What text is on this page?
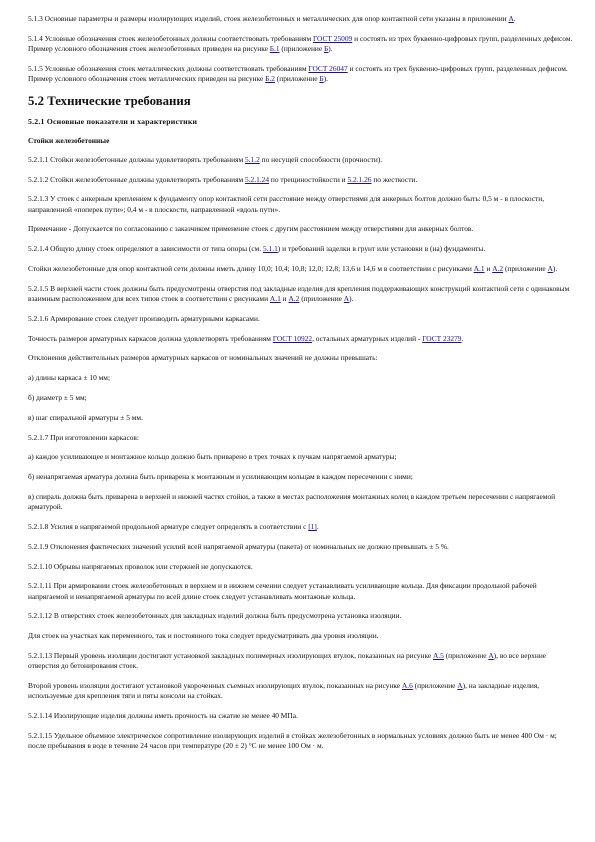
5.1.3 Основные параметры и размеры изолирующих изделий, стоек железобетонных и металлических для опор контактной сети указаны в приложении А.

5.1.4 Условные обозначения стоек железобетонных должны соответствовать требованиям ГОСТ 25009 и состоять из трех буквенно-цифровых групп, разделенных дефисом. Пример условного обозначения стоек железобетонных приведен на рисунке Б.1 (приложение Б).

5.1.5 Условные обозначения стоек металлических должны соответствовать требованиям ГОСТ 26047 и состоять из трех буквенно-цифровых групп, разделенных дефисом. Пример условного обозначения стоек металлических приведен на рисунке Б.2 (приложение Б).

5.2 Технические требования
5.2.1 Основные показатели и характеристики
Стойки железобетонные

5.2.1.1 Стойки железобетонные должны удовлетворять требованиям 5.1.2 по несущей способности (прочности).

5.2.1.2 Стойки железобетонные должны удовлетворять требованиям 5.2.1.24 по трещиностойкости и 5.2.1.26 по жесткости.

5.2.1.3 У стоек с анкерным креплением к фундаменту опор контактной сети расстояние между отверстиями для анкерных болтов должно быть: 0,5 м - в плоскости, направленной «поперек пути»; 0,4 м - в плоскости, направленной «вдоль пути».

Примечание - Допускается по согласованию с заказчиком применение стоек с другим расстоянием между отверстиями для анкерных болтов.

5.2.1.4 Общую длину стоек определяют в зависимости от типа опоры (см. 5.1.1) и требований заделки в грунт или установки в (на) фундаменты.

Стойки железобетонные для опор контактной сети должны иметь длину 10,0; 10,4; 10,8; 12,0; 12,8; 13,6 и 14,6 м в соответствии с рисунками А.1 и А.2 (приложение А).

5.2.1.5 В верхней части стоек должны быть предусмотрены отверстия под закладные изделия для крепления поддерживающих конструкций контактной сети с одинаковым взаимным расположением для всех типов стоек в соответствии с рисунками А.1 и А.2 (приложение А).

5.2.1.6 Армирование стоек следует производить арматурными каркасами.

Точность размеров арматурных каркасов должна удовлетворять требованиям ГОСТ 10922, остальных арматурных изделий - ГОСТ 23279.

Отклонения действительных размеров арматурных каркасов от номинальных значений не должны превышать:

а) длины каркаса ± 10 мм;

б) диаметр ± 5 мм;

в) шаг спиральной арматуры ± 5 мм.

5.2.1.7 При изготовлении каркасов:

а) каждое усиливающее и монтажное кольцо должно быть приварено в трех точках к пучкам напрягаемой арматуры;

б) ненапрягаемая арматура должна быть приварена к монтажным и усиливающим кольцам в каждом пересечении с ними;

в) спираль должна быть приварена в верхней и нижней частях стойки, а также в местах расположения монтажных колец в каждом третьем пересечении с напрягаемой арматурой.

5.2.1.8 Усилия в напрягаемой продольной арматуре следует определять в соответствии с [1].

5.2.1.9 Отклонения фактических значений усилий всей напрягаемой арматуры (пакета) от номинальных не должно превышать ± 5 %.

5.2.1.10 Обрывы напрягаемых проволок или стержней не допускаются.

5.2.1.11 При армировании стоек железобетонных в верхнем и в нижнем сечении следует устанавливать усиливающие кольца. Для фиксации продольной рабочей напрягаемой и ненапрягаемой арматуры по всей длине стоек следует устанавливать монтажные кольца.

5.2.1.12 В отверстиях стоек железобетонных для закладных изделий должна быть предусмотрена установка изоляции.

Для стоек на участках как переменного, так и постоянного тока следует предусматривать два уровня изоляции.

5.2.1.13 Первый уровень изоляции достигают установкой закладных полимерных изолирующих втулок, показанных на рисунке А.5 (приложение А), во все верхние отверстия до бетонирования стоек.

Второй уровень изоляции достигают установкой укороченных съемных изолирующих втулок, показанных на рисунке А.6 (приложение А), на закладные изделия, используемые для крепления тяги и пяты консоли на стойках.

5.2.1.14 Изолирующие изделия должны иметь прочность на сжатие не менее 40 МПа.

5.2.1.15 Удельное объемное электрическое сопротивление изолирующих изделий в стойках железобетонных в нормальных условиях должно быть не менее 400 Ом · м; после пребывания в воде в течение 24 часов при температуре (20 ± 2) °С не менее 100 Ом · м.
